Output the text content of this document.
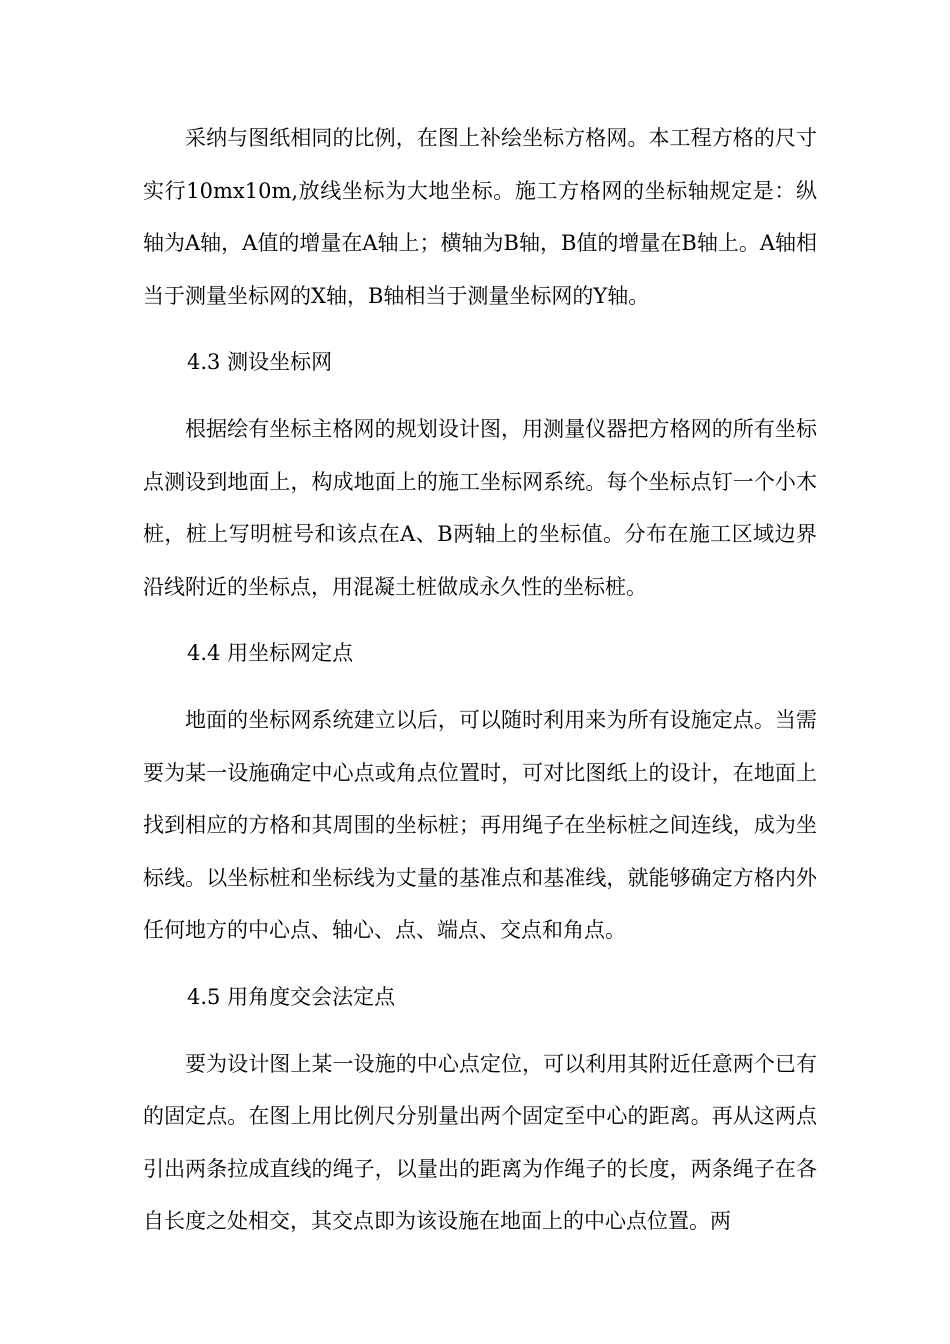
采纳与图纸相同的比例，在图上补绘坐标方格网。本工程方格的尺寸实行10mx10m,放线坐标为大地坐标。施工方格网的坐标轴规定是：纵轴为A轴，A值的增量在A轴上；横轴为B轴，B值的增量在B轴上。A轴相当于测量坐标网的X轴，B轴相当于测量坐标网的Y轴。

4.3 测设坐标网

根据绘有坐标主格网的规划设计图，用测量仪器把方格网的所有坐标点测设到地面上，构成地面上的施工坐标网系统。每个坐标点钉一个小木桩，桩上写明桩号和该点在A、B两轴上的坐标值。分布在施工区域边界沿线附近的坐标点，用混凝土桩做成永久性的坐标桩。

4.4 用坐标网定点

地面的坐标网系统建立以后，可以随时利用来为所有设施定点。当需要为某一设施确定中心点或角点位置时，可对比图纸上的设计，在地面上找到相应的方格和其周围的坐标桩；再用绳子在坐标桩之间连线，成为坐标线。以坐标桩和坐标线为丈量的基准点和基准线，就能够确定方格内外任何地方的中心点、轴心、点、端点、交点和角点。

4.5 用角度交会法定点

要为设计图上某一设施的中心点定位，可以利用其附近任意两个已有的固定点。在图上用比例尺分别量出两个固定至中心的距离。再从这两点引出两条拉成直线的绳子，以量出的距离为作绳子的长度，两条绳子在各自长度之处相交，其交点即为该设施在地面上的中心点位置。两
